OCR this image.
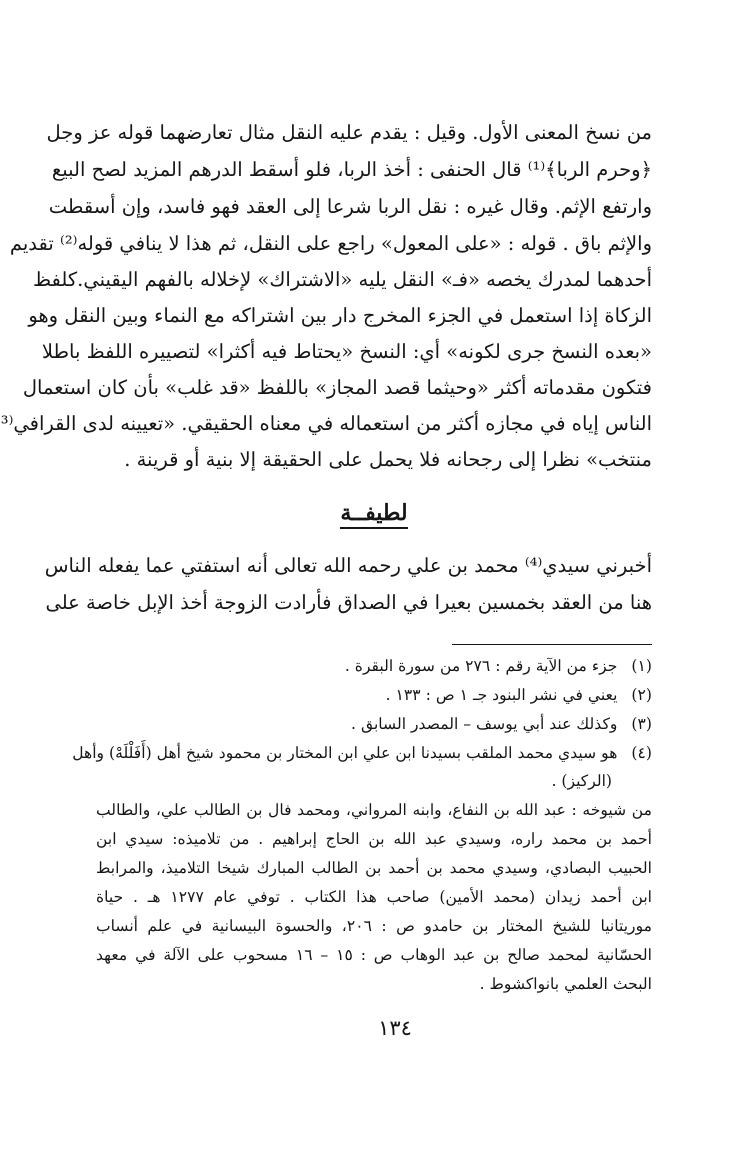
من نسخ المعنى الأول. وقيل : يقدم عليه النقل مثال تعارضهما قوله عز وجل
﴿وحرم الربا﴾⁽¹⁾ قال الحنفى : أخذ الربا، فلو أسقط الدرهم المزيد لصح البيع
وارتفع الإثم. وقال غيره : نقل الربا شرعا إلى العقد فهو فاسد، وإن أسقطت
والإثم باق . قوله : «على المعول» راجع على النقل، ثم هذا لا ينافي قوله⁽²⁾ تقديم
أحدهما لمدرك يخصه «فـ» النقل يليه «الاشتراك» لإخلاله بالفهم اليقيني.كلفظ
الزكاة إذا استعمل في الجزء المخرج دار بين اشتراكه مع النماء وبين النقل وهو
«بعده النسخ جرى لكونه» أي: النسخ «يحتاط فيه أكثرا» لتصييره اللفظ باطلا
فتكون مقدماته أكثر «وحيثما قصد المجاز» باللفظ «قد غلب» بأن كان استعمال
الناس إياه في مجازه أكثر من استعماله في معناه الحقيقي. «تعيينه لدى القرافي⁽³
منتخب» نظرا إلى رجحانه فلا يحمل على الحقيقة إلا بنية أو قرينة .
لطيفــة
أخبرني سيدي⁽⁴⁾ محمد بن علي رحمه الله تعالى أنه استفتي عما يفعله الناس
هنا من العقد بخمسين بعيرا في الصداق فأرادت الزوجة أخذ الإبل خاصة على
(١)جزء من الآية رقم : ٢٧٦ من سورة البقرة .
(٢)يعني في نشر البنود جـ ١ ص : ١٣٣ .
(٣)وكذلك عند أبي يوسف – المصدر السابق .
(٤)هو سيدي محمد الملقب بسيدنا ابن علي ابن المختار بن محمود شيخ أهل (أَفَلْلَهْ) وأهل
(الركيز) .
من شيوخه : عبد الله بن النفاع، وابنه المرواني، ومحمد فال بن الطالب علي، والطالب
أحمد بن محمد راره، وسيدي عبد الله بن الحاج إبراهيم . من تلاميذه: سيدي ابن
الحبيب البصادي، وسيدي محمد بن أحمد بن الطالب المبارك شيخا التلاميذ، والمرابط
ابن أحمد زيدان (محمد الأمين) صاحب هذا الكتاب . توفي عام ١٢٧٧ هـ . حياة
موريتانيا للشيخ المختار بن حامدو ص : ٢٠٦، والحسوة البيسانية في علم أنساب
الحسّانية لمحمد صالح بن عبد الوهاب ص : ١٥ – ١٦ مسحوب على الآلة في معهد
البحث العلمي بانواكشوط .
١٣٤
